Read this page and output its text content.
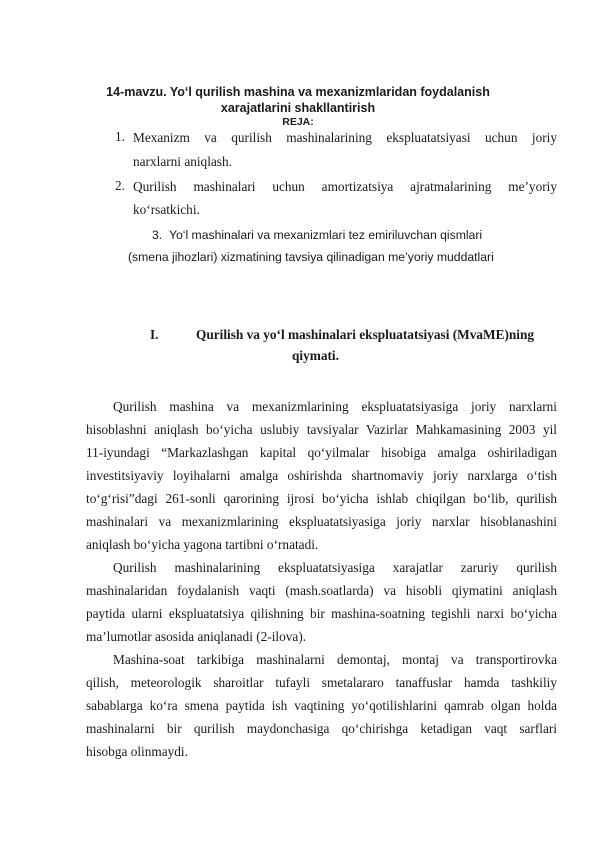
14-mavzu. Yo‘l qurilish mashina va mexanizmlaridan foydalanish
xarajatlarini shakllantirish
REJA:
1. Mexanizm va qurilish mashinalarining ekspluatatsiyasi uchun joriy
narxlarni aniqlash.
2. Qurilish mashinalari uchun amortizatsiya ajratmalarining me’yoriy
ko‘rsatkichi.
3. Yo‘l mashinalari va mexanizmlari tez emiriluvchan qismlari
(smena jihozlari) xizmatining tavsiya qilinadigan me’yoriy muddatlari
I.	Qurilish va yo‘l mashinalari ekspluatatsiyasi (MvaME)ning
qiymati.
Qurilish mashina va mexanizmlarining ekspluatatsiyasiga joriy narxlarni
hisoblashni aniqlash bo‘yicha uslubiy tavsiyalar Vazirlar Mahkamasining 2003 yil
11-iyundagi “Markazlashgan kapital qo‘yilmalar hisobiga amalga oshiriladigan
investitsiyaviy loyihalarni amalga oshirishda shartnomaviy joriy narxlarga o‘tish
to‘g‘risi”dagi 261-sonli qarorining ijrosi bo‘yicha ishlab chiqilgan bo‘lib, qurilish
mashinalari va mexanizmlarining ekspluatatsiyasiga joriy narxlar hisoblanashini
aniqlash bo‘yicha yagona tartibni o‘rnatadi.
Qurilish mashinalarining ekspluatatsiyasiga xarajatlar zaruriy qurilish
mashinalaridan foydalanish vaqti (mash.soatlarda) va hisobli qiymatini aniqlash
paytida ularni ekspluatatsiya qilishning bir mashina-soatning tegishli narxi bo‘yicha
ma’lumotlar asosida aniqlanadi (2-ilova).
Mashina-soat tarkibiga mashinalarni demontaj, montaj va transportirovka
qilish, meteorologik sharoitlar tufayli smetalararo tanaffuslar hamda tashkiliy
sabablarga ko‘ra smena paytida ish vaqtining yo‘qotilishlarini qamrab olgan holda
mashinalarni bir qurilish maydonchasiga qo‘chirishga ketadigan vaqt sarflari
hisobga olinmaydi.
